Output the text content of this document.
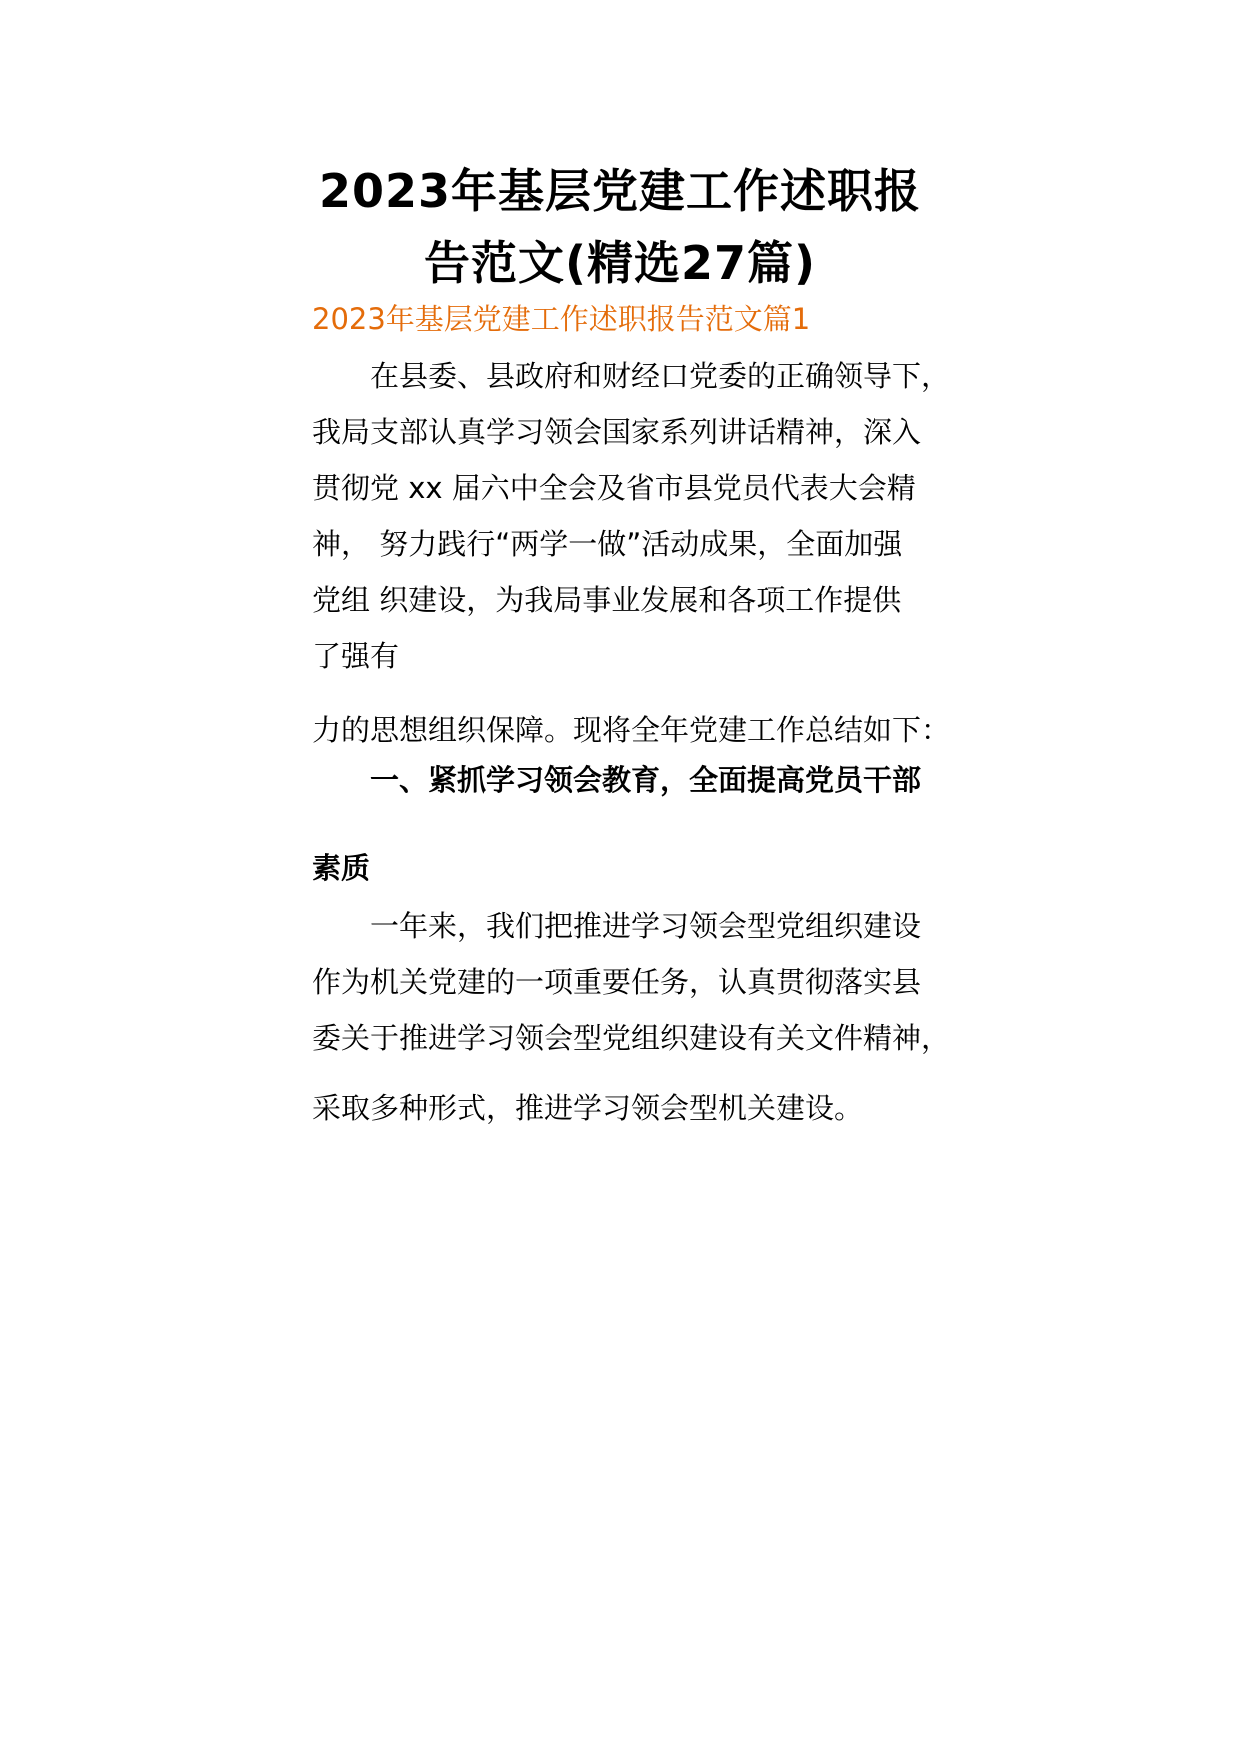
2023年基层党建工作述职报
告范文(精选27篇)
2023年基层党建工作述职报告范文篇1
在县委、县政府和财经口党委的正确领导下，
我局支部认真学习领会国家系列讲话精神，深入
贯彻党 xx 届六中全会及省市县党员代表大会精
神， 努力践行“两学一做”活动成果，全面加强
党组 织建设，为我局事业发展和各项工作提供
了强有
力的思想组织保障。现将全年党建工作总结如下：
一、紧抓学习领会教育，全面提高党员干部
素质
一年来，我们把推进学习领会型党组织建设
作为机关党建的一项重要任务，认真贯彻落实县
委关于推进学习领会型党组织建设有关文件精神，
采取多种形式，推进学习领会型机关建设。
